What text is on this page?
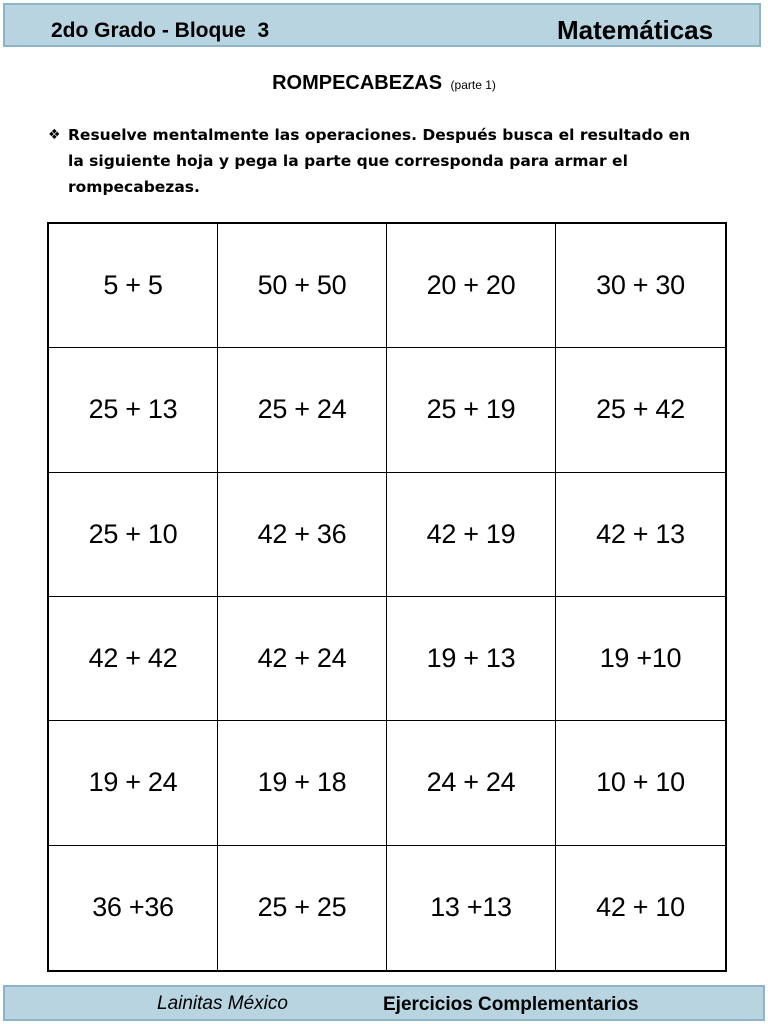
2do Grado - Bloque  3	Matemáticas
ROMPECABEZAS (parte 1)
❖ Resuelve mentalmente las operaciones. Después busca el resultado en la siguiente hoja y pega la parte que corresponda para armar el rompecabezas.
5 + 5	50 + 50	20 + 20	30 + 30
25 + 13	25 + 24	25 + 19	25 + 42
25 + 10	42 + 36	42 + 19	42 + 13
42 + 42	42 + 24	19 + 13	19 +10
19 + 24	19 + 18	24 + 24	10 + 10
36 +36	25 + 25	13 +13	42 + 10
Lainitas México	Ejercicios Complementarios
